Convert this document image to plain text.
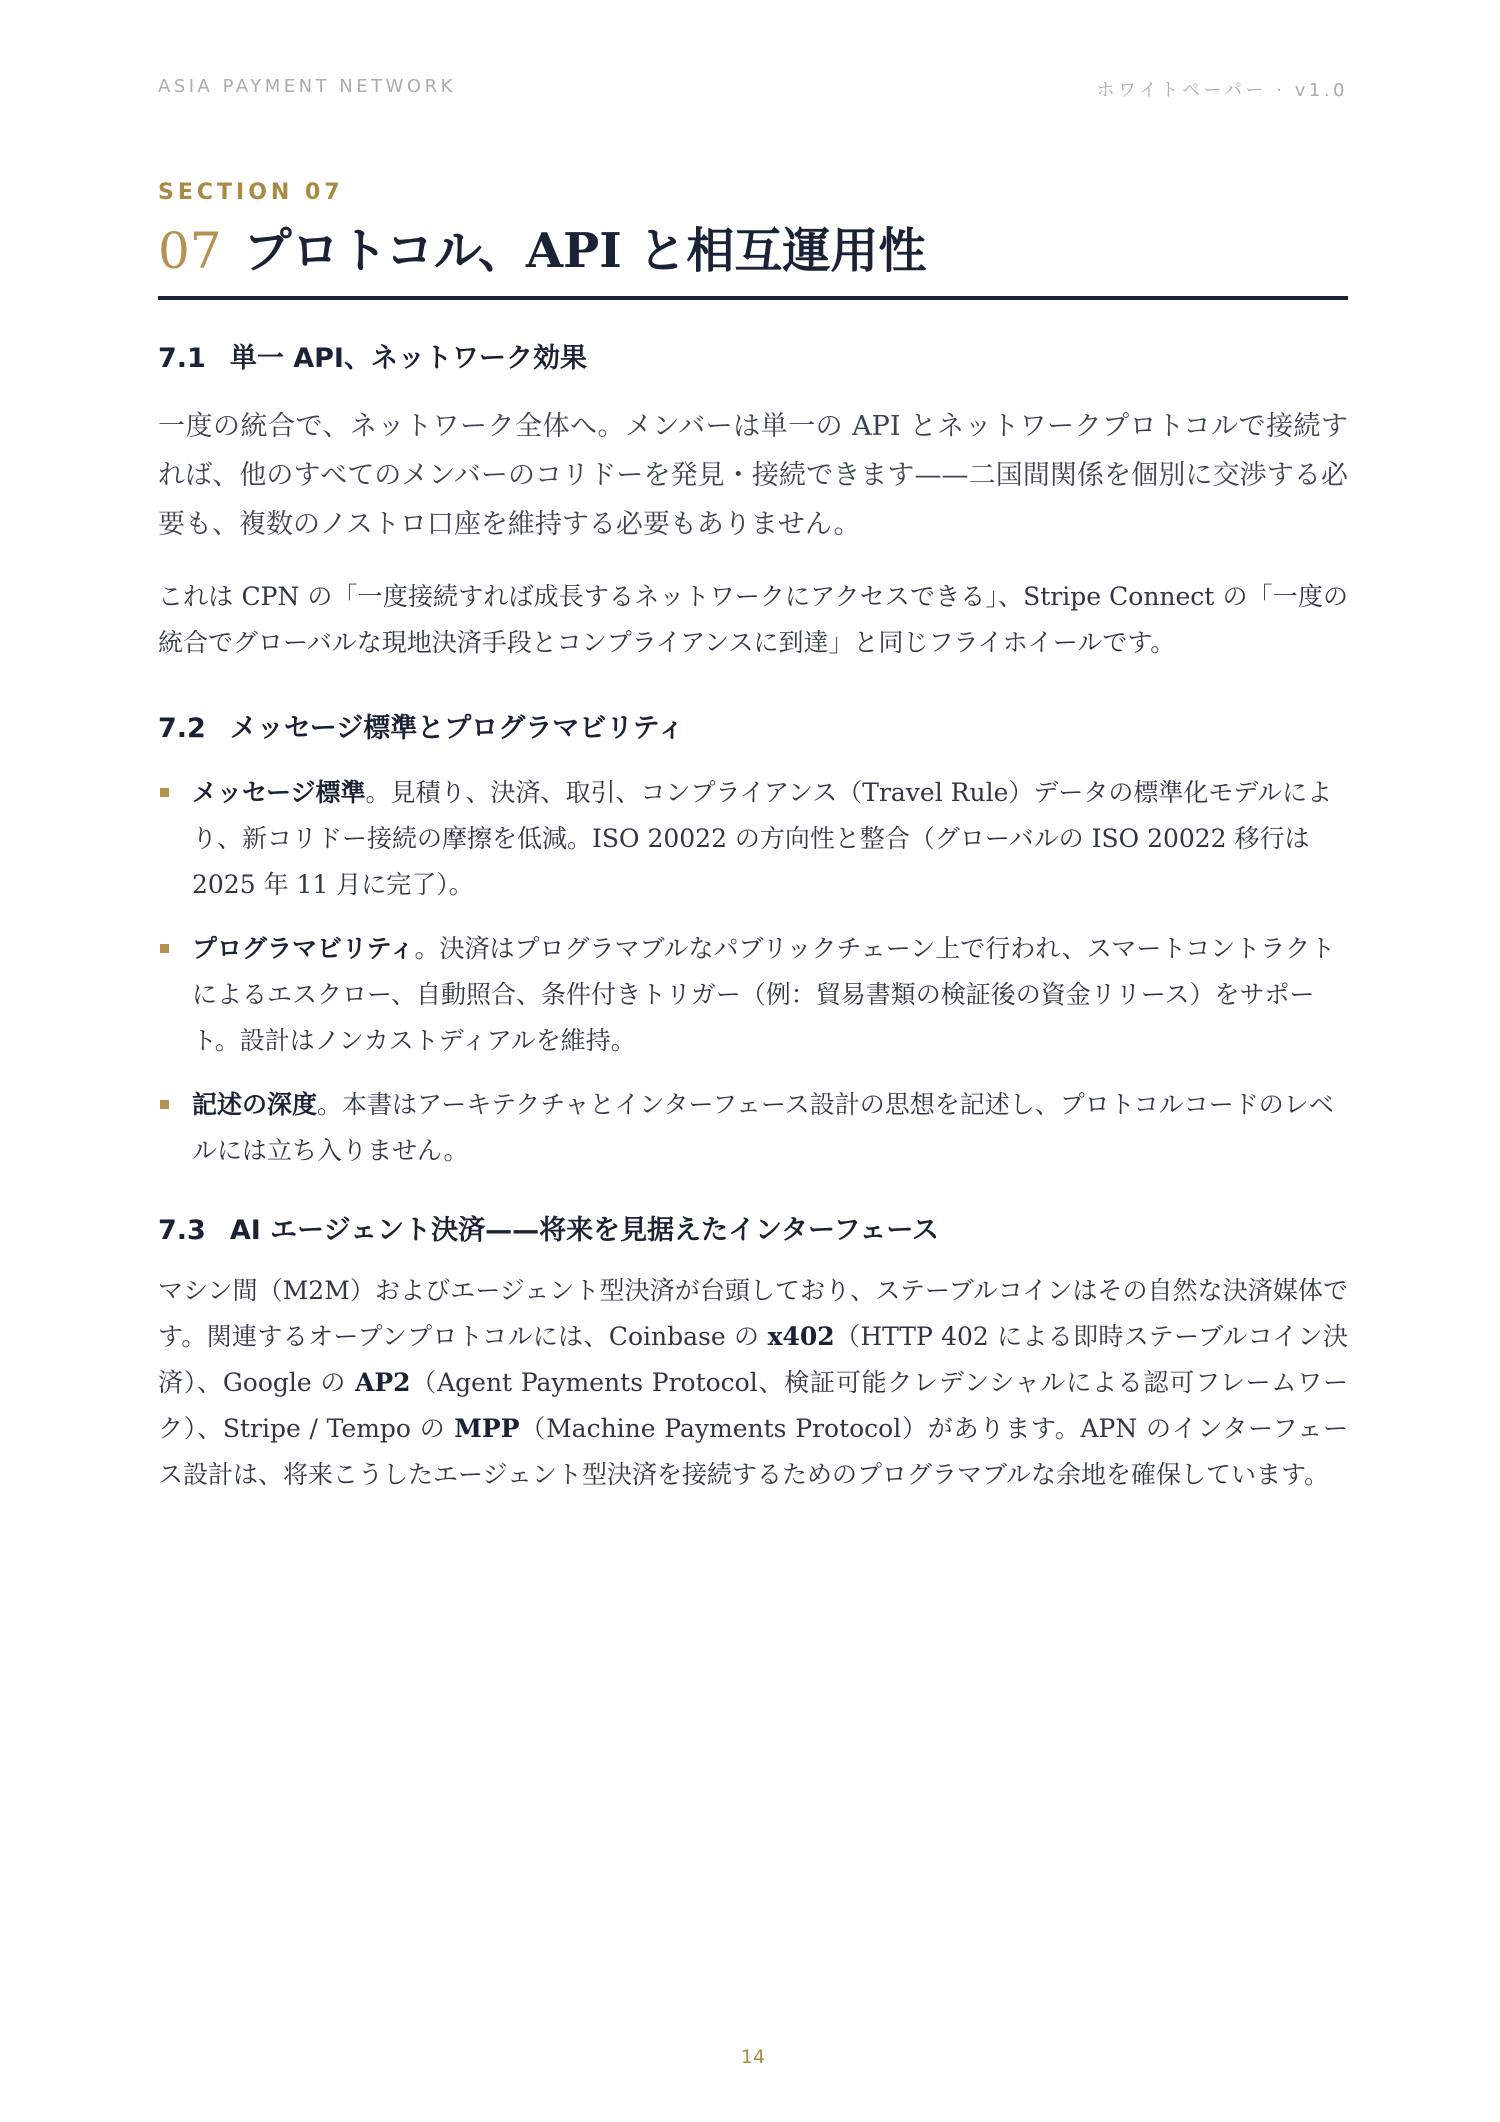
ASIA PAYMENT NETWORK	ホワイトペーパー · v1.0
SECTION 07
07 プロトコル、API と相互運用性
7.1 単一 API、ネットワーク効果

一度の統合で、ネットワーク全体へ。メンバーは単一の API とネットワークプロトコルで接続すれば、他のすべてのメンバーのコリドーを発見・接続できます——二国間関係を個別に交渉する必要も、複数のノストロ口座を維持する必要もありません。

これは CPN の「一度接続すれば成長するネットワークにアクセスできる」、Stripe Connect の「一度の統合でグローバルな現地決済手段とコンプライアンスに到達」と同じフライホイールです。

7.2 メッセージ標準とプログラマビリティ
メッセージ標準。見積り、決済、取引、コンプライアンス（Travel Rule）データの標準化モデルにより、新コリドー接続の摩擦を低減。ISO 20022 の方向性と整合（グローバルの ISO 20022 移行は 2025 年 11 月に完了）。
プログラマビリティ。決済はプログラマブルなパブリックチェーン上で行われ、スマートコントラクトによるエスクロー、自動照合、条件付きトリガー（例：貿易書類の検証後の資金リリース）をサポート。設計はノンカストディアルを維持。
記述の深度。本書はアーキテクチャとインターフェース設計の思想を記述し、プロトコルコードのレベルには立ち入りません。
7.3 AI エージェント決済——将来を見据えたインターフェース

マシン間（M2M）およびエージェント型決済が台頭しており、ステーブルコインはその自然な決済媒体です。関連するオープンプロトコルには、Coinbase の x402（HTTP 402 による即時ステーブルコイン決済）、Google の AP2（Agent Payments Protocol、検証可能クレデンシャルによる認可フレームワーク）、Stripe / Tempo の MPP（Machine Payments Protocol）があります。APN のインターフェース設計は、将来こうしたエージェント型決済を接続するためのプログラマブルな余地を確保しています。

14
